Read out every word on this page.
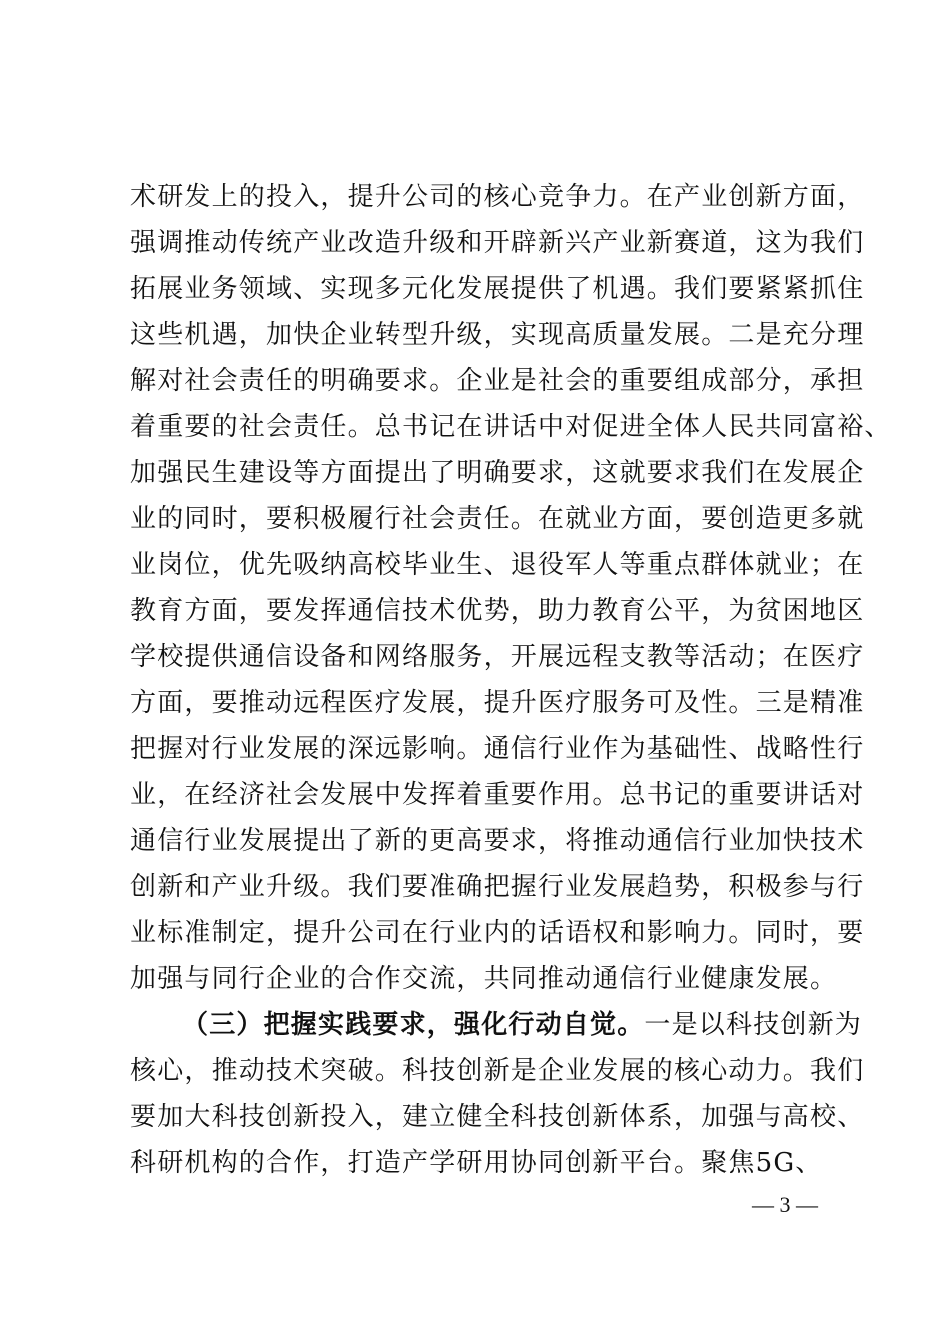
术研发上的投入，提升公司的核心竞争力。在产业创新方面，
强调推动传统产业改造升级和开辟新兴产业新赛道，这为我们
拓展业务领域、实现多元化发展提供了机遇。我们要紧紧抓住
这些机遇，加快企业转型升级，实现高质量发展。二是充分理
解对社会责任的明确要求。企业是社会的重要组成部分，承担
着重要的社会责任。总书记在讲话中对促进全体人民共同富裕、
加强民生建设等方面提出了明确要求，这就要求我们在发展企
业的同时，要积极履行社会责任。在就业方面，要创造更多就
业岗位，优先吸纳高校毕业生、退役军人等重点群体就业；在
教育方面，要发挥通信技术优势，助力教育公平，为贫困地区
学校提供通信设备和网络服务，开展远程支教等活动；在医疗
方面，要推动远程医疗发展，提升医疗服务可及性。三是精准
把握对行业发展的深远影响。通信行业作为基础性、战略性行
业，在经济社会发展中发挥着重要作用。总书记的重要讲话对
通信行业发展提出了新的更高要求，将推动通信行业加快技术
创新和产业升级。我们要准确把握行业发展趋势，积极参与行
业标准制定，提升公司在行业内的话语权和影响力。同时，要
加强与同行企业的合作交流，共同推动通信行业健康发展。
（三）把握实践要求，强化行动自觉。一是以科技创新为
核心，推动技术突破。科技创新是企业发展的核心动力。我们
要加大科技创新投入，建立健全科技创新体系，加强与高校、
科研机构的合作，打造产学研用协同创新平台。聚焦5G、
— 3 —
